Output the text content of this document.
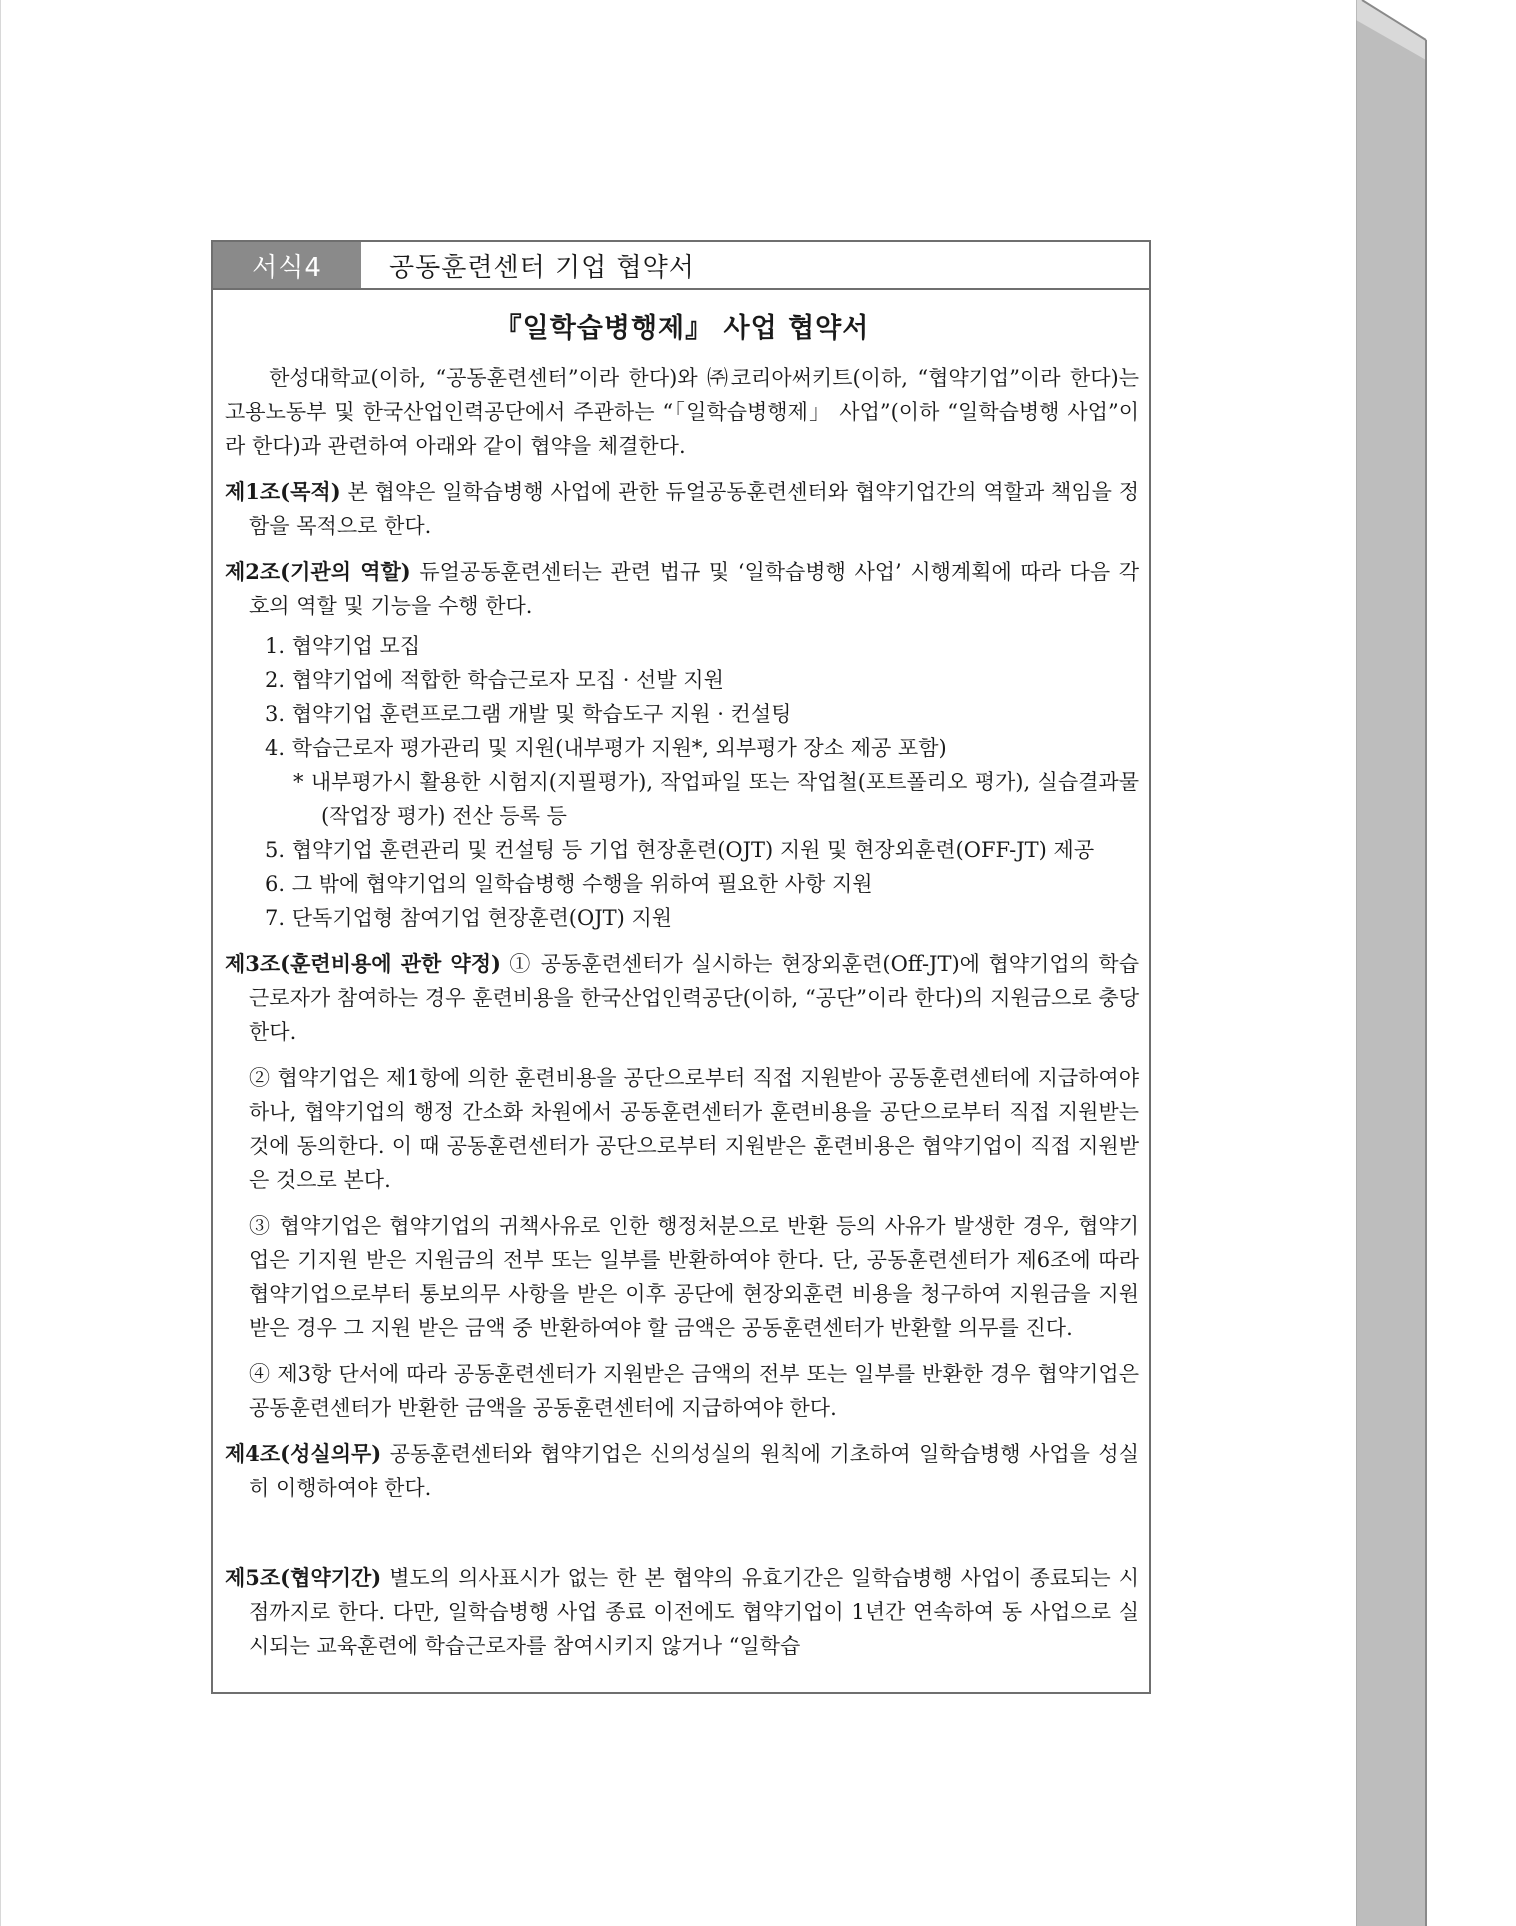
서식4	공동훈련센터 기업 협약서
『일학습병행제』 사업 협약서

한성대학교(이하, “공동훈련센터”이라 한다)와 ㈜코리아써키트(이하, “협약기업”이라 한다)는 고용노동부 및 한국산업인력공단에서 주관하는 “「일학습병행제」 사업”(이하 “일학습병행 사업”이라 한다)과 관련하여 아래와 같이 협약을 체결한다.

제1조(목적) 본 협약은 일학습병행 사업에 관한 듀얼공동훈련센터와 협약기업간의 역할과 책임을 정함을 목적으로 한다.

제2조(기관의 역할) 듀얼공동훈련센터는 관련 법규 및 ‘일학습병행 사업’ 시행계획에 따라 다음 각 호의 역할 및 기능을 수행 한다.

1. 협약기업 모집
2. 협약기업에 적합한 학습근로자 모집 · 선발 지원
3. 협약기업 훈련프로그램 개발 및 학습도구 지원 · 컨설팅
4. 학습근로자 평가관리 및 지원(내부평가 지원*, 외부평가 장소 제공 포함)
* 내부평가시 활용한 시험지(지필평가), 작업파일 또는 작업철(포트폴리오 평가), 실습결과물(작업장 평가) 전산 등록 등
5. 협약기업 훈련관리 및 컨설팅 등 기업 현장훈련(OJT) 지원 및 현장외훈련(OFF-JT) 제공
6. 그 밖에 협약기업의 일학습병행 수행을 위하여 필요한 사항 지원
7. 단독기업형 참여기업 현장훈련(OJT) 지원

제3조(훈련비용에 관한 약정) ① 공동훈련센터가 실시하는 현장외훈련(Off-JT)에 협약기업의 학습근로자가 참여하는 경우 훈련비용을 한국산업인력공단(이하, “공단”이라 한다)의 지원금으로 충당한다.

② 협약기업은 제1항에 의한 훈련비용을 공단으로부터 직접 지원받아 공동훈련센터에 지급하여야 하나, 협약기업의 행정 간소화 차원에서 공동훈련센터가 훈련비용을 공단으로부터 직접 지원받는 것에 동의한다. 이 때 공동훈련센터가 공단으로부터 지원받은 훈련비용은 협약기업이 직접 지원받은 것으로 본다.

③ 협약기업은 협약기업의 귀책사유로 인한 행정처분으로 반환 등의 사유가 발생한 경우, 협약기업은 기지원 받은 지원금의 전부 또는 일부를 반환하여야 한다. 단, 공동훈련센터가 제6조에 따라 협약기업으로부터 통보의무 사항을 받은 이후 공단에 현장외훈련 비용을 청구하여 지원금을 지원 받은 경우 그 지원 받은 금액 중 반환하여야 할 금액은 공동훈련센터가 반환할 의무를 진다.

④ 제3항 단서에 따라 공동훈련센터가 지원받은 금액의 전부 또는 일부를 반환한 경우 협약기업은 공동훈련센터가 반환한 금액을 공동훈련센터에 지급하여야 한다.

제4조(성실의무) 공동훈련센터와 협약기업은 신의성실의 원칙에 기초하여 일학습병행 사업을 성실히 이행하여야 한다.

제5조(협약기간) 별도의 의사표시가 없는 한 본 협약의 유효기간은 일학습병행 사업이 종료되는 시점까지로 한다. 다만, 일학습병행 사업 종료 이전에도 협약기업이 1년간 연속하여 동 사업으로 실시되는 교육훈련에 학습근로자를 참여시키지 않거나 “일학습
